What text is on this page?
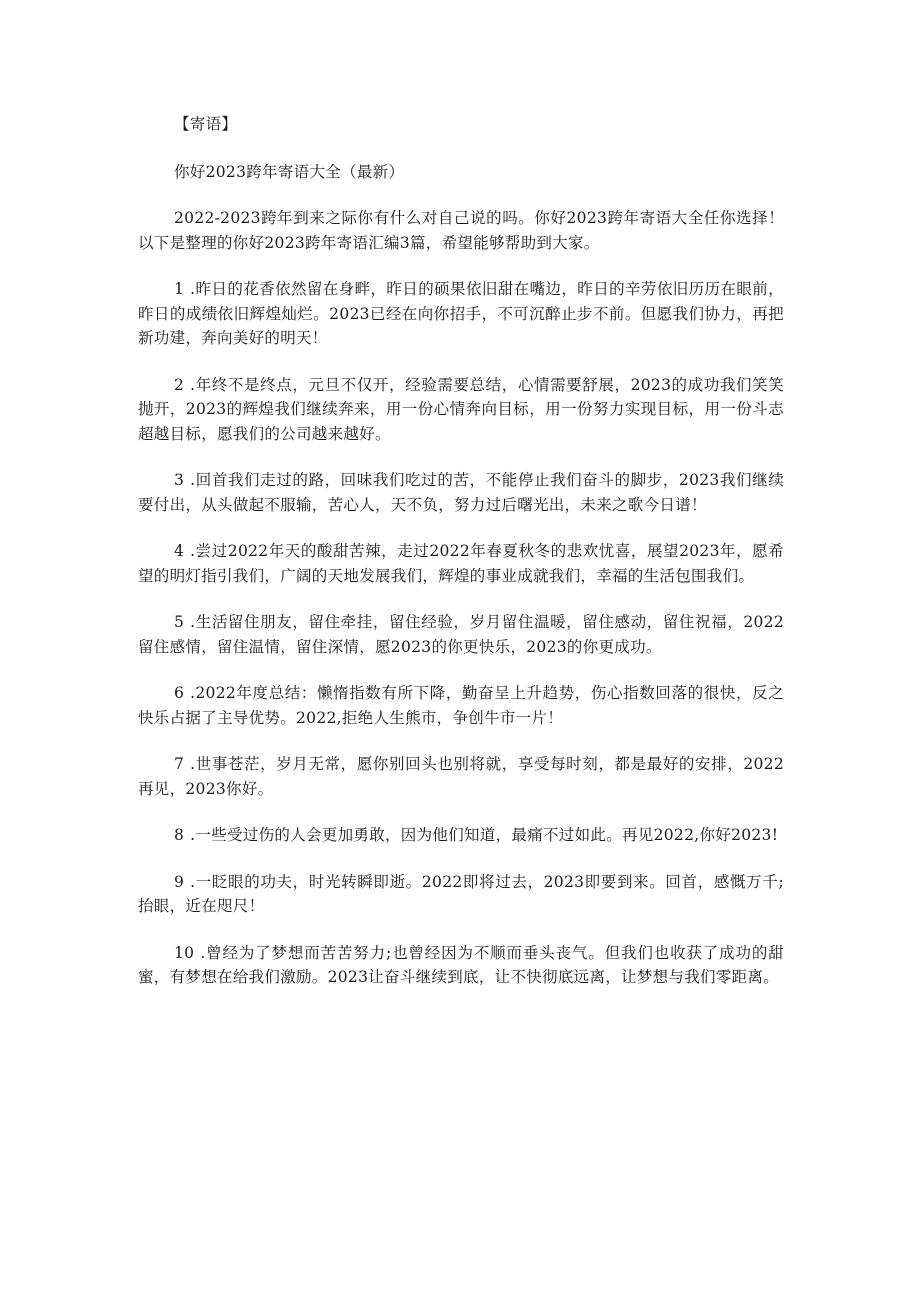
【寄语】

你好2023跨年寄语大全（最新）

2022-2023跨年到来之际你有什么对自己说的吗。你好2023跨年寄语大全任你选择！以下是整理的你好2023跨年寄语汇编3篇，希望能够帮助到大家。

1 .昨日的花香依然留在身畔，昨日的硕果依旧甜在嘴边，昨日的辛劳依旧历历在眼前，昨日的成绩依旧辉煌灿烂。2023已经在向你招手，不可沉醉止步不前。但愿我们协力，再把新功建，奔向美好的明天！

2 .年终不是终点，元旦不仅开，经验需要总结，心情需要舒展，2023的成功我们笑笑抛开，2023的辉煌我们继续奔来，用一份心情奔向目标，用一份努力实现目标，用一份斗志超越目标，愿我们的公司越来越好。

3 .回首我们走过的路，回味我们吃过的苦，不能停止我们奋斗的脚步，2023我们继续要付出，从头做起不服输，苦心人，天不负，努力过后曙光出，未来之歌今日谱！

4 .尝过2022年天的酸甜苦辣，走过2022年春夏秋冬的悲欢忧喜，展望2023年，愿希望的明灯指引我们，广阔的天地发展我们，辉煌的事业成就我们，幸福的生活包围我们。

5 .生活留住朋友，留住牵挂，留住经验，岁月留住温暖，留住感动，留住祝福，2022留住感情，留住温情，留住深情，愿2023的你更快乐，2023的你更成功。

6 .2022年度总结：懒惰指数有所下降，勤奋呈上升趋势，伤心指数回落的很快，反之快乐占据了主导优势。2022,拒绝人生熊市，争创牛市一片！

7 .世事苍茫，岁月无常，愿你别回头也别将就，享受每时刻，都是最好的安排，2022再见，2023你好。

8 .一些受过伤的人会更加勇敢，因为他们知道，最痛不过如此。再见2022,你好2023!

9 .一眨眼的功夫，时光转瞬即逝。2022即将过去，2023即要到来。回首，感慨万千;抬眼，近在咫尺！

10 .曾经为了梦想而苦苦努力;也曾经因为不顺而垂头丧气。但我们也收获了成功的甜蜜，有梦想在给我们激励。2023让奋斗继续到底，让不快彻底远离，让梦想与我们零距离。
